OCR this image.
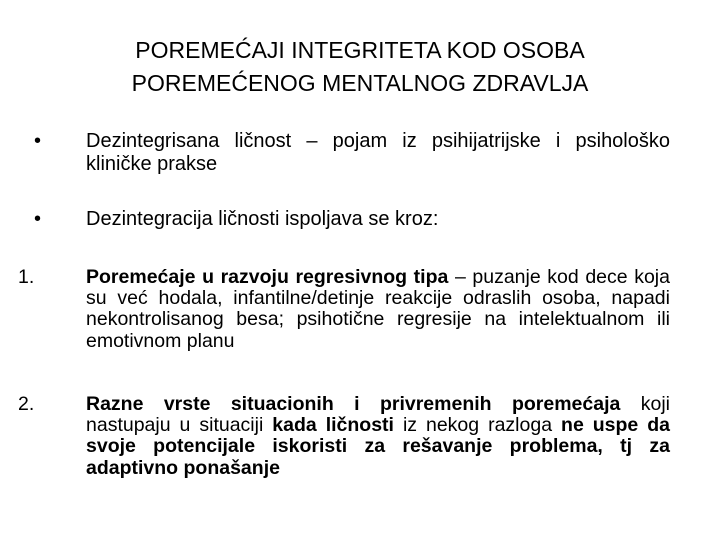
POREMEĆAJI INTEGRITETA KOD OSOBA
POREMEĆENOG MENTALNOG ZDRAVLJA
• Dezintegrisana ličnost – pojam iz psihijatrijske i psihološko kliničke prakse
• Dezintegracija ličnosti ispoljava se kroz:
1.	Poremećaje u razvoju regresivnog tipa – puzanje kod dece koja su već hodala, infantilne/detinje reakcije odraslih osoba, napadi nekontrolisanog besa; psihotične regresije na intelektualnom ili emotivnom planu
2.	Razne vrste situacionih i privremenih poremećaja koji nastupaju u situaciji kada ličnosti iz nekog razloga ne uspe da svoje potencijale iskoristi za rešavanje problema, tj za adaptivno ponašanje
